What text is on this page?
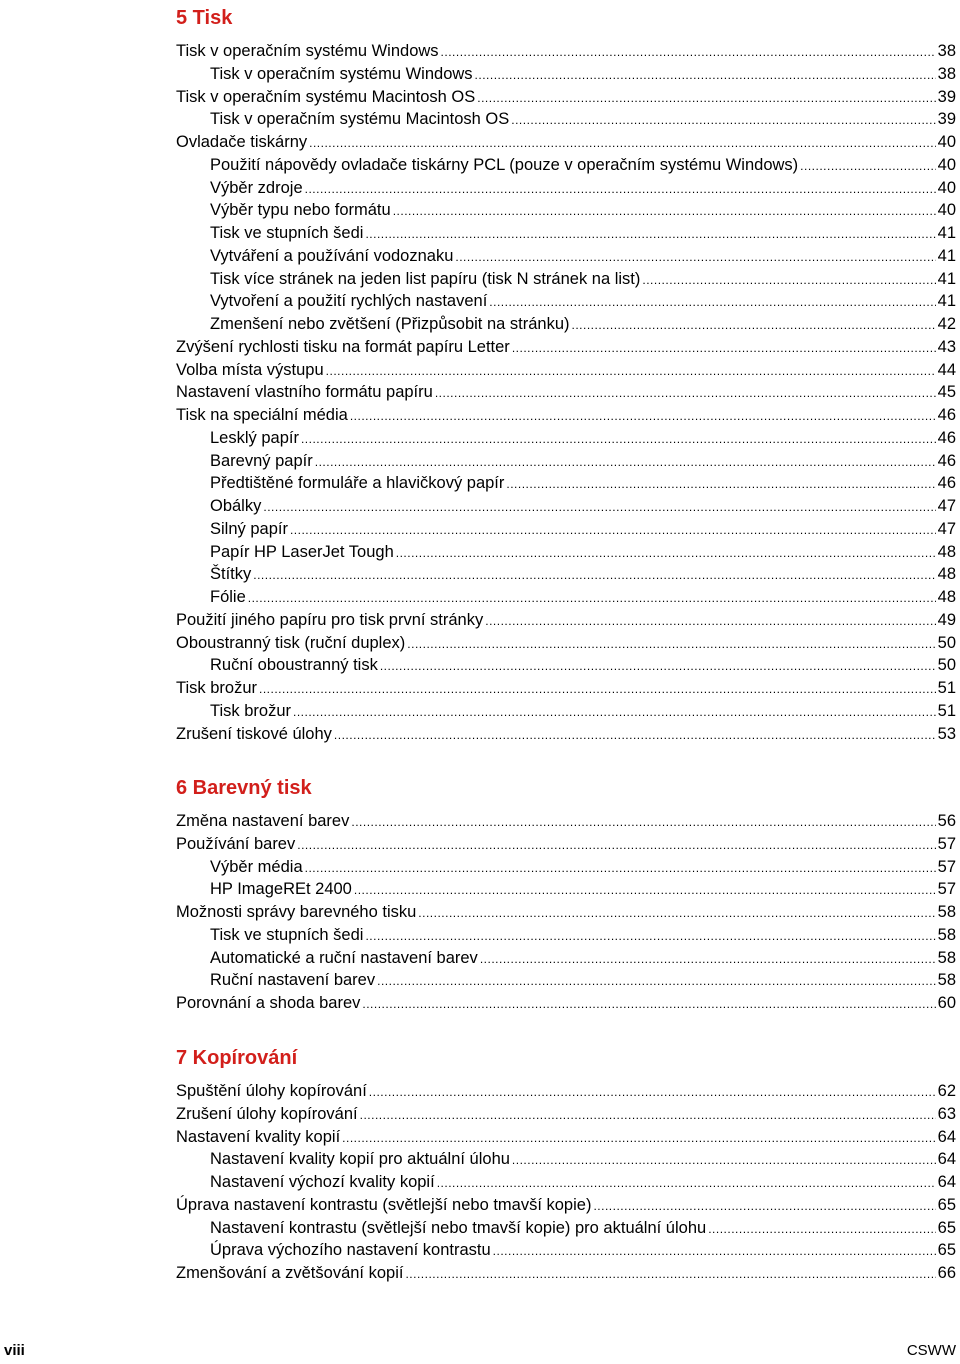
5 Tisk
Tisk v operačním systému Windows .....	38
Tisk v operačním systému Windows .....	38
Tisk v operačním systému Macintosh OS .....	39
Tisk v operačním systému Macintosh OS .....	39
Ovladače tiskárny .....	40
Použití nápovědy ovladače tiskárny PCL (pouze v operačním systému Windows) .....	40
Výběr zdroje .....	40
Výběr typu nebo formátu .....	40
Tisk ve stupních šedi .....	41
Vytváření a používání vodoznaku .....	41
Tisk více stránek na jeden list papíru (tisk N stránek na list) .....	41
Vytvoření a použití rychlých nastavení .....	41
Zmenšení nebo zvětšení (Přizpůsobit na stránku) .....	42
Zvýšení rychlosti tisku na formát papíru Letter .....	43
Volba místa výstupu .....	44
Nastavení vlastního formátu papíru .....	45
Tisk na speciální média .....	46
Lesklý papír .....	46
Barevný papír .....	46
Předtištěné formuláře a hlavičkový papír .....	46
Obálky .....	47
Silný papír .....	47
Papír HP LaserJet Tough .....	48
Štítky .....	48
Fólie .....	48
Použití jiného papíru pro tisk první stránky .....	49
Oboustranný tisk (ruční duplex) .....	50
Ruční oboustranný tisk .....	50
Tisk brožur .....	51
Tisk brožur .....	51
Zrušení tiskové úlohy .....	53
6 Barevný tisk
Změna nastavení barev .....	56
Používání barev .....	57
Výběr média .....	57
HP ImageREt 2400 .....	57
Možnosti správy barevného tisku .....	58
Tisk ve stupních šedi .....	58
Automatické a ruční nastavení barev .....	58
Ruční nastavení barev .....	58
Porovnání a shoda barev .....	60
7 Kopírování
Spuštění úlohy kopírování .....	62
Zrušení úlohy kopírování .....	63
Nastavení kvality kopií .....	64
Nastavení kvality kopií pro aktuální úlohu .....	64
Nastavení výchozí kvality kopií .....	64
Úprava nastavení kontrastu (světlejší nebo tmavší kopie) .....	65
Nastavení kontrastu (světlejší nebo tmavší kopie) pro aktuální úlohu .....	65
Úprava výchozího nastavení kontrastu .....	65
Zmenšování a zvětšování kopií .....	66
viii	CSWW
